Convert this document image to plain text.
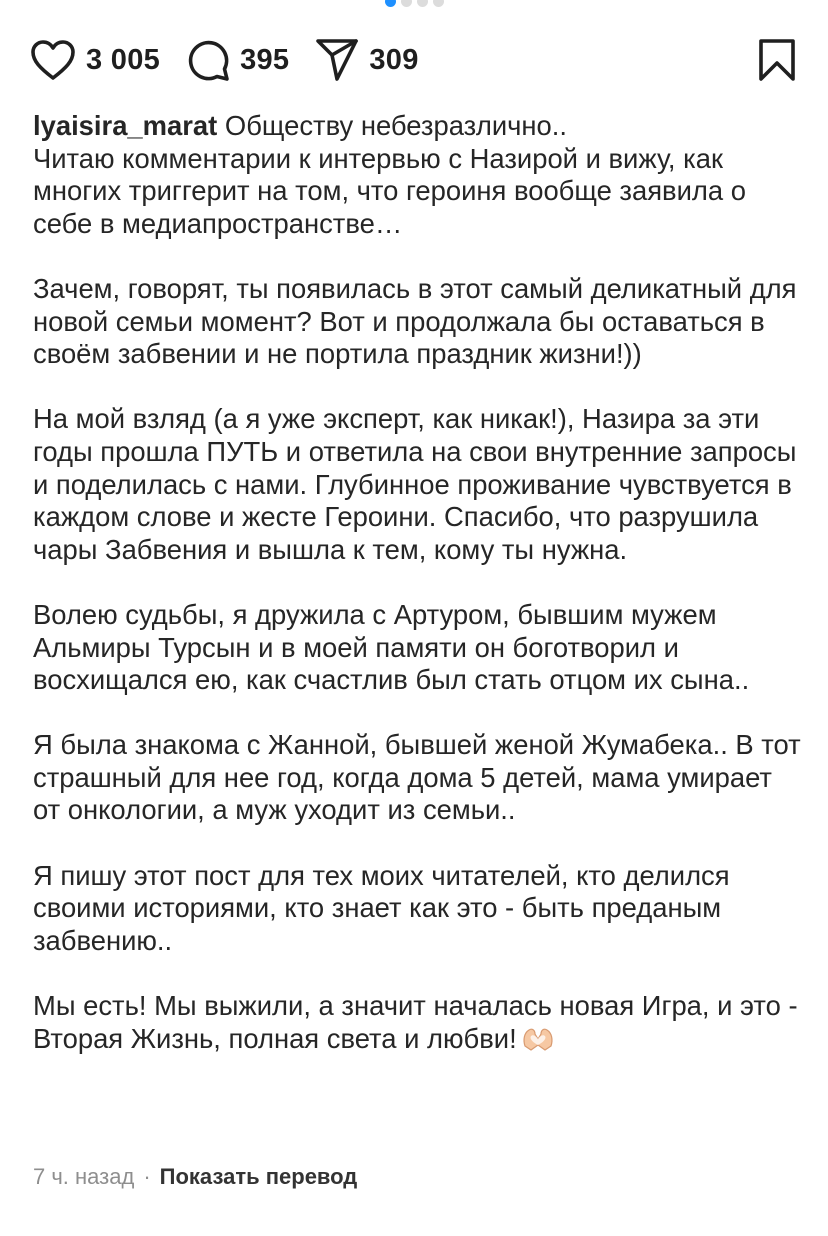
3 005	395	309

lyaisira_marat Обществу небезразлично..
Читаю комментарии к интервью с Назирой и вижу, как многих триггерит на том, что героиня вообще заявила о себе в медиапространстве…

Зачем, говорят, ты появилась в этот самый деликатный для новой семьи момент? Вот и продолжала бы оставаться в своём забвении и не портила праздник жизни!))

На мой взляд (а я уже эксперт, как никак!), Назира за эти годы прошла ПУТЬ и ответила на свои внутренние запросы и поделилась с нами. Глубинное проживание чувствуется в каждом слове и жесте Героини. Спасибо, что разрушила чары Забвения и вышла к тем, кому ты нужна.

Волею судьбы, я дружила с Артуром, бывшим мужем Альмиры Турсын и в моей памяти он боготворил и восхищался ею, как счастлив был стать отцом их сына..

Я была знакома с Жанной, бывшей женой Жумабека.. В тот страшный для нее год, когда дома 5 детей, мама умирает от онкологии, а муж уходит из семьи..

Я пишу этот пост для тех моих читателей, кто делился своими историями, кто знает как это - быть преданым забвению..

Мы есть! Мы выжили, а значит началась новая Игра, и это - Вторая Жизнь, полная света и любви!

7 ч. назад · Показать перевод
